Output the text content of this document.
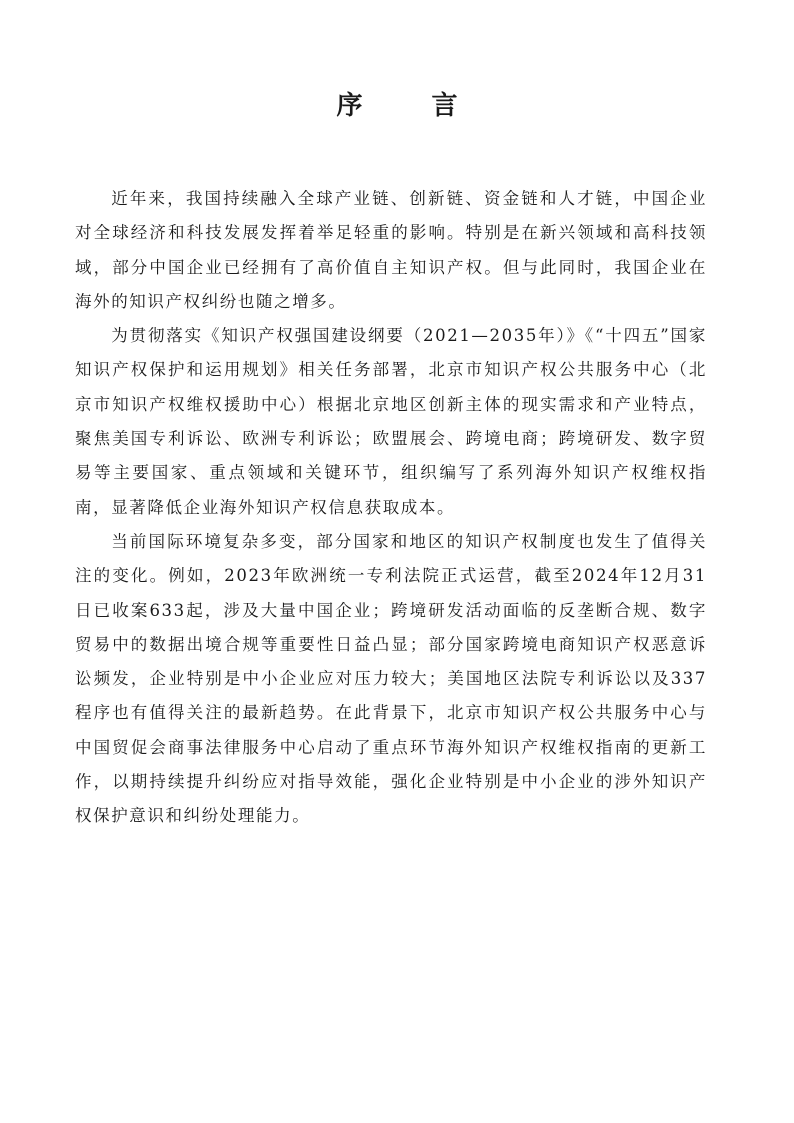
序 言

近年来，我国持续融入全球产业链、创新链、资金链和人才链，中国企业对全球经济和科技发展发挥着举足轻重的影响。特别是在新兴领域和高科技领域，部分中国企业已经拥有了高价值自主知识产权。但与此同时，我国企业在海外的知识产权纠纷也随之增多。

为贯彻落实《知识产权强国建设纲要（2021—2035年）》《“十四五”国家知识产权保护和运用规划》相关任务部署，北京市知识产权公共服务中心（北京市知识产权维权援助中心）根据北京地区创新主体的现实需求和产业特点，聚焦美国专利诉讼、欧洲专利诉讼；欧盟展会、跨境电商；跨境研发、数字贸易等主要国家、重点领域和关键环节，组织编写了系列海外知识产权维权指南，显著降低企业海外知识产权信息获取成本。

当前国际环境复杂多变，部分国家和地区的知识产权制度也发生了值得关注的变化。例如，2023年欧洲统一专利法院正式运营，截至2024年12月31日已收案633起，涉及大量中国企业；跨境研发活动面临的反垄断合规、数字贸易中的数据出境合规等重要性日益凸显；部分国家跨境电商知识产权恶意诉讼频发，企业特别是中小企业应对压力较大；美国地区法院专利诉讼以及337程序也有值得关注的最新趋势。在此背景下，北京市知识产权公共服务中心与中国贸促会商事法律服务中心启动了重点环节海外知识产权维权指南的更新工作，以期持续提升纠纷应对指导效能，强化企业特别是中小企业的涉外知识产权保护意识和纠纷处理能力。
